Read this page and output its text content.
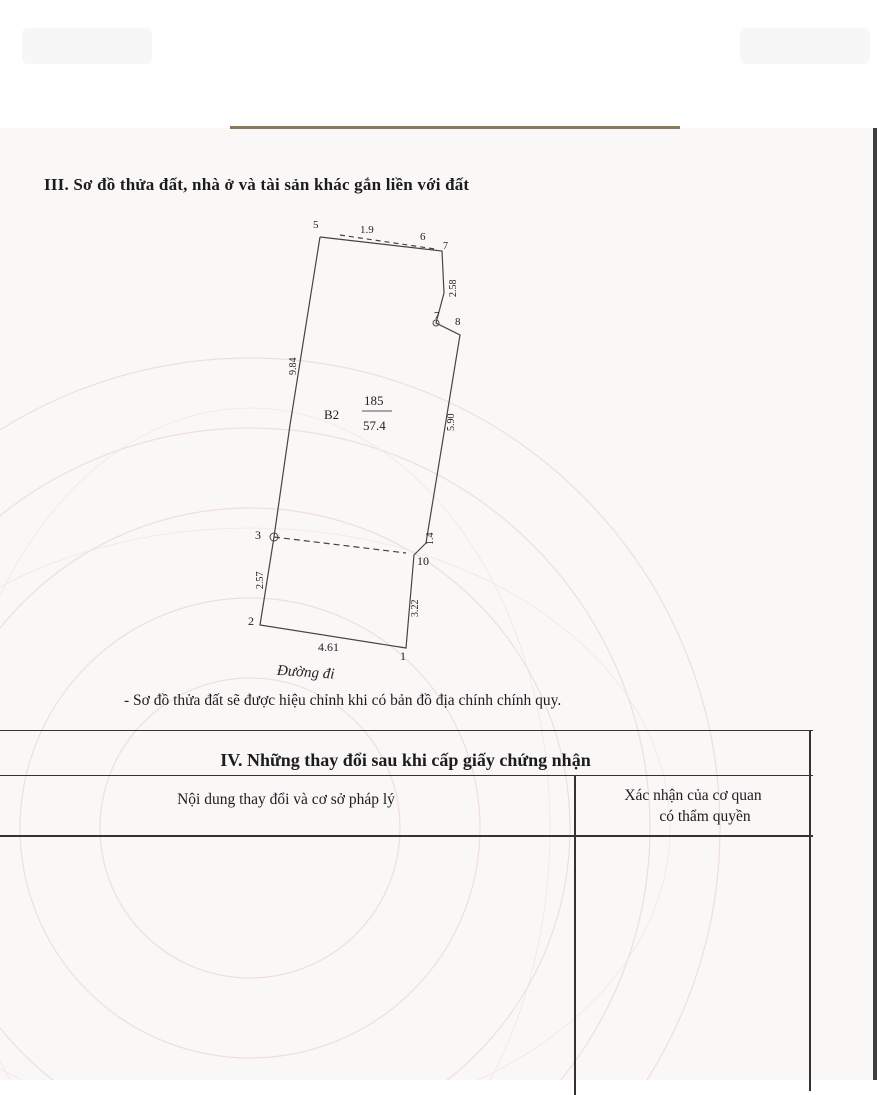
III. Sơ đồ thửa đất, nhà ở và tài sản khác gắn liền với đất
5
6
7
7 8
3
10
2
1
1.9
9.84
2.58
5.90
1.4
3.22
2.57
4.61
B2
185
57.4
Đường đi
- Sơ đồ thửa đất sẽ được hiệu chỉnh khi có bản đồ địa chính chính quy.
IV. Những thay đổi sau khi cấp giấy chứng nhận
Nội dung thay đổi và cơ sở pháp lý	Xác nhận của cơ quan
có thẩm quyền
